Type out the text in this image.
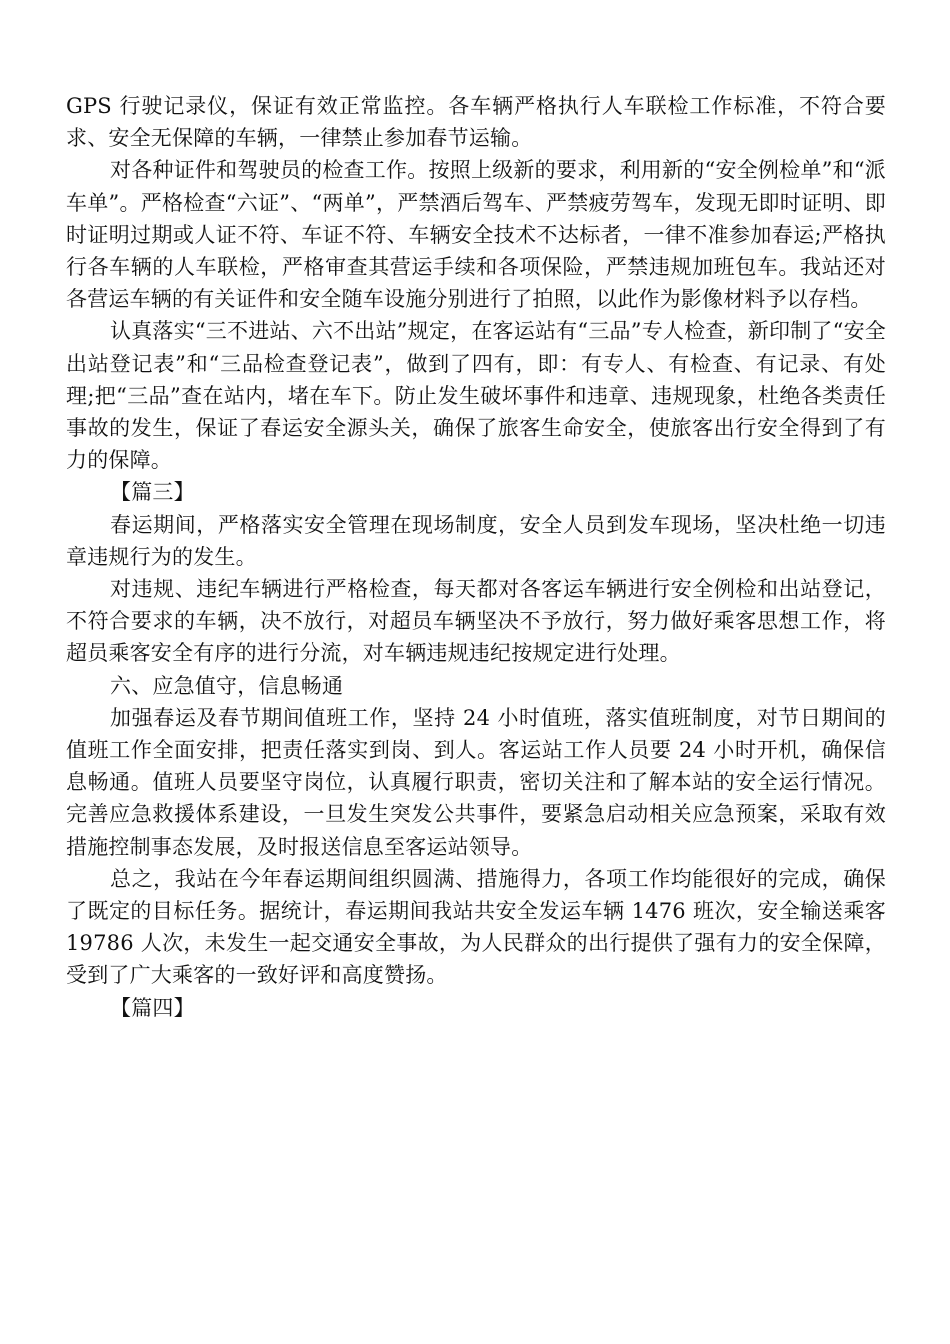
GPS 行驶记录仪，保证有效正常监控。各车辆严格执行人车联检工作标准，不符合要求、安全无保障的车辆，一律禁止参加春节运输。

对各种证件和驾驶员的检查工作。按照上级新的要求，利用新的“安全例检单”和“派车单”。严格检查“六证”、“两单”，严禁酒后驾车、严禁疲劳驾车，发现无即时证明、即时证明过期或人证不符、车证不符、车辆安全技术不达标者，一律不准参加春运;严格执行各车辆的人车联检，严格审查其营运手续和各项保险，严禁违规加班包车。我站还对各营运车辆的有关证件和安全随车设施分别进行了拍照，以此作为影像材料予以存档。

认真落实“三不进站、六不出站”规定，在客运站有“三品”专人检查，新印制了“安全出站登记表”和“三品检查登记表”，做到了四有，即：有专人、有检查、有记录、有处理;把“三品”查在站内，堵在车下。防止发生破坏事件和违章、违规现象，杜绝各类责任事故的发生，保证了春运安全源头关，确保了旅客生命安全，使旅客出行安全得到了有力的保障。

【篇三】

春运期间，严格落实安全管理在现场制度，安全人员到发车现场，坚决杜绝一切违章违规行为的发生。

对违规、违纪车辆进行严格检查，每天都对各客运车辆进行安全例检和出站登记，不符合要求的车辆，决不放行，对超员车辆坚决不予放行，努力做好乘客思想工作，将超员乘客安全有序的进行分流，对车辆违规违纪按规定进行处理。

六、应急值守，信息畅通

加强春运及春节期间值班工作，坚持 24 小时值班，落实值班制度，对节日期间的值班工作全面安排，把责任落实到岗、到人。客运站工作人员要 24 小时开机，确保信息畅通。值班人员要坚守岗位，认真履行职责，密切关注和了解本站的安全运行情况。完善应急救援体系建设，一旦发生突发公共事件，要紧急启动相关应急预案，采取有效措施控制事态发展，及时报送信息至客运站领导。

总之，我站在今年春运期间组织圆满、措施得力，各项工作均能很好的完成，确保了既定的目标任务。据统计，春运期间我站共安全发运车辆 1476 班次，安全输送乘客 19786 人次，未发生一起交通安全事故，为人民群众的出行提供了强有力的安全保障，受到了广大乘客的一致好评和高度赞扬。

【篇四】
